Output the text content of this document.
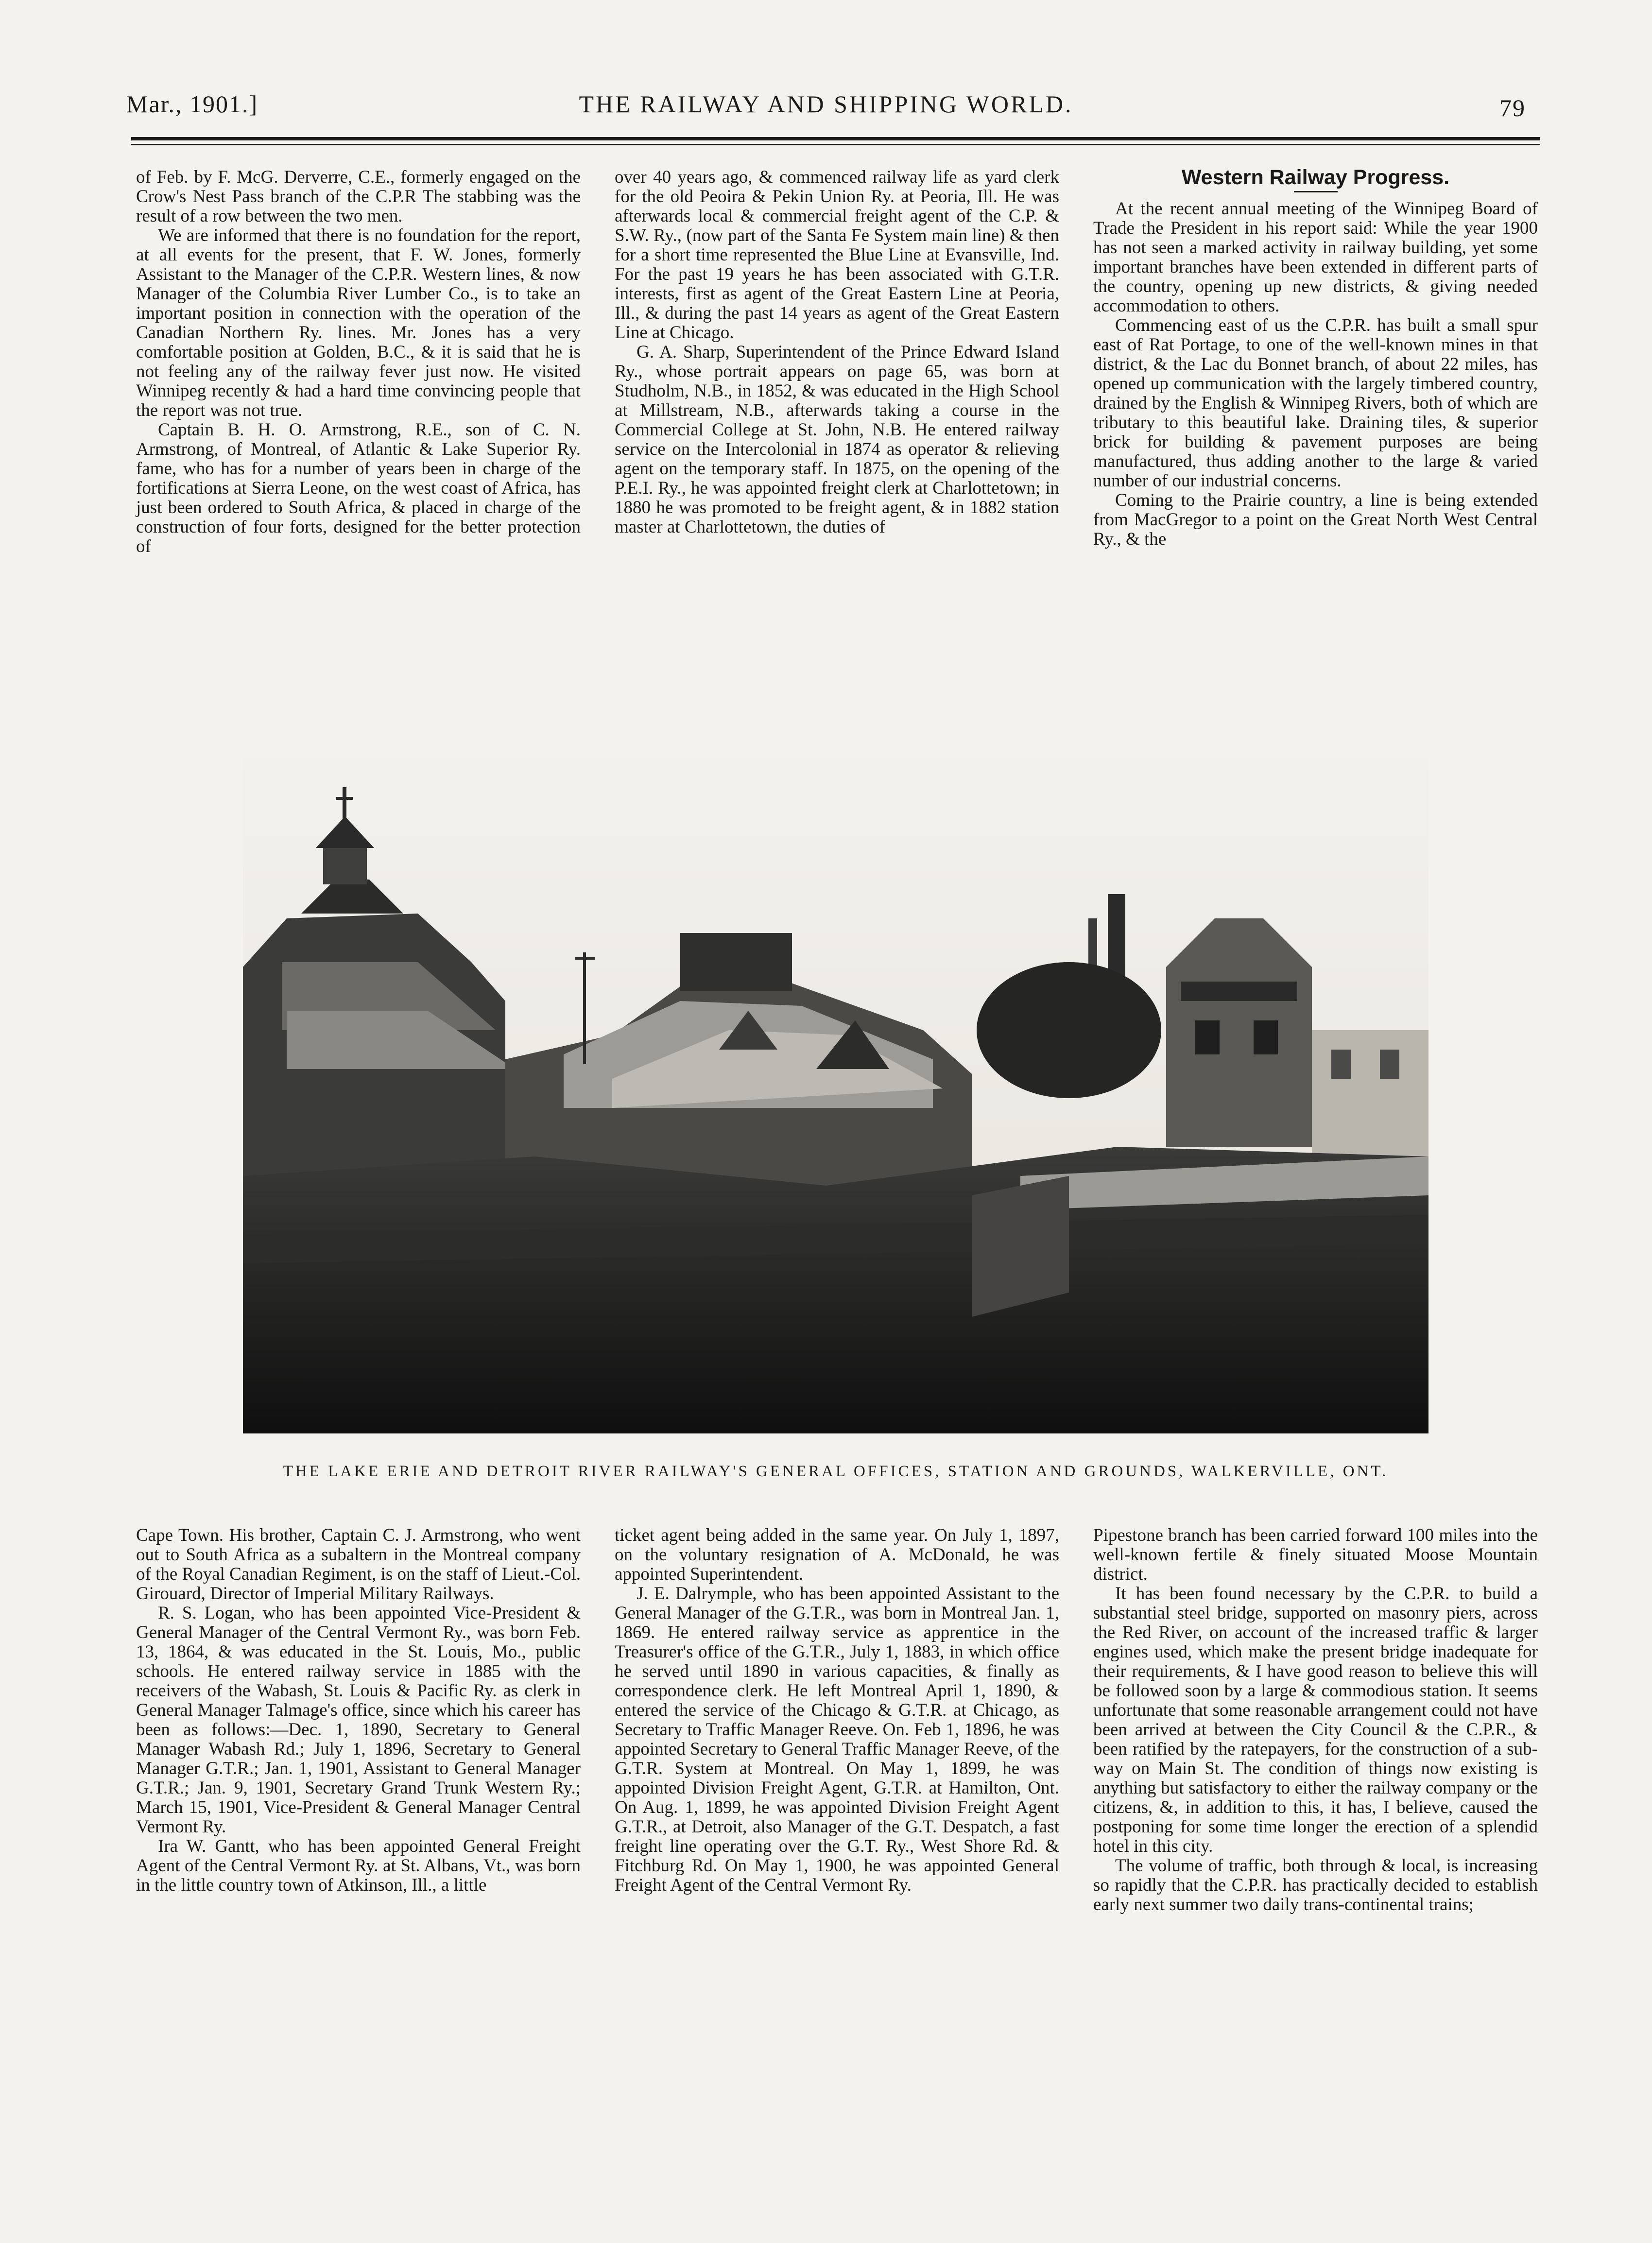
Mar., 1901.]	THE RAILWAY AND SHIPPING WORLD.	79

of Feb. by F. McG. Derverre, C.E., formerly engaged on the Crow's Nest Pass branch of the C.P.R The stabbing was the result of a row between the two men.

We are informed that there is no foundation for the report, at all events for the present, that F. W. Jones, formerly Assistant to the Manager of the C.P.R. Western lines, & now Manager of the Columbia River Lumber Co., is to take an important position in connection with the operation of the Canadian Northern Ry. lines. Mr. Jones has a very comfortable position at Golden, B.C., & it is said that he is not feeling any of the railway fever just now. He visited Winnipeg recently & had a hard time convincing people that the report was not true.

Captain B. H. O. Armstrong, R.E., son of C. N. Armstrong, of Montreal, of Atlantic & Lake Superior Ry. fame, who has for a number of years been in charge of the fortifications at Sierra Leone, on the west coast of Africa, has just been ordered to South Africa, & placed in charge of the construction of four forts, designed for the better protection of

over 40 years ago, & commenced railway life as yard clerk for the old Peoira & Pekin Union Ry. at Peoria, Ill. He was afterwards local & commercial freight agent of the C.P. & S.W. Ry., (now part of the Santa Fe System main line) & then for a short time represented the Blue Line at Evansville, Ind. For the past 19 years he has been associated with G.T.R. interests, first as agent of the Great Eastern Line at Peoria, Ill., & during the past 14 years as agent of the Great Eastern Line at Chicago.

G. A. Sharp, Superintendent of the Prince Edward Island Ry., whose portrait appears on page 65, was born at Studholm, N.B., in 1852, & was educated in the High School at Millstream, N.B., afterwards taking a course in the Commercial College at St. John, N.B. He entered railway service on the Intercolonial in 1874 as operator & relieving agent on the temporary staff. In 1875, on the opening of the P.E.I. Ry., he was appointed freight clerk at Charlottetown; in 1880 he was promoted to be freight agent, & in 1882 station master at Charlottetown, the duties of

Western Railway Progress.

At the recent annual meeting of the Winnipeg Board of Trade the President in his report said: While the year 1900 has not seen a marked activity in railway building, yet some important branches have been extended in different parts of the country, opening up new districts, & giving needed accommodation to others.

Commencing east of us the C.P.R. has built a small spur east of Rat Portage, to one of the well-known mines in that district, & the Lac du Bonnet branch, of about 22 miles, has opened up communication with the largely timbered country, drained by the English & Winnipeg Rivers, both of which are tributary to this beautiful lake. Draining tiles, & superior brick for building & pavement purposes are being manufactured, thus adding another to the large & varied number of our industrial concerns.

Coming to the Prairie country, a line is being extended from MacGregor to a point on the Great North West Central Ry., & the

THE LAKE ERIE AND DETROIT RIVER RAILWAY'S GENERAL OFFICES, STATION AND GROUNDS, WALKERVILLE, ONT.

Cape Town. His brother, Captain C. J. Armstrong, who went out to South Africa as a subaltern in the Montreal company of the Royal Canadian Regiment, is on the staff of Lieut.-Col. Girouard, Director of Imperial Military Railways.

R. S. Logan, who has been appointed Vice-President & General Manager of the Central Vermont Ry., was born Feb. 13, 1864, & was educated in the St. Louis, Mo., public schools. He entered railway service in 1885 with the receivers of the Wabash, St. Louis & Pacific Ry. as clerk in General Manager Talmage's office, since which his career has been as follows:—Dec. 1, 1890, Secretary to General Manager Wabash Rd.; July 1, 1896, Secretary to General Manager G.T.R.; Jan. 1, 1901, Assistant to General Manager G.T.R.; Jan. 9, 1901, Secretary Grand Trunk Western Ry.; March 15, 1901, Vice-President & General Manager Central Vermont Ry.

Ira W. Gantt, who has been appointed General Freight Agent of the Central Vermont Ry. at St. Albans, Vt., was born in the little country town of Atkinson, Ill., a little

ticket agent being added in the same year. On July 1, 1897, on the voluntary resignation of A. McDonald, he was appointed Superintendent.

J. E. Dalrymple, who has been appointed Assistant to the General Manager of the G.T.R., was born in Montreal Jan. 1, 1869. He entered railway service as apprentice in the Treasurer's office of the G.T.R., July 1, 1883, in which office he served until 1890 in various capacities, & finally as correspondence clerk. He left Montreal April 1, 1890, & entered the service of the Chicago & G.T.R. at Chicago, as Secretary to Traffic Manager Reeve. On. Feb 1, 1896, he was appointed Secretary to General Traffic Manager Reeve, of the G.T.R. System at Montreal. On May 1, 1899, he was appointed Division Freight Agent, G.T.R. at Hamilton, Ont. On Aug. 1, 1899, he was appointed Division Freight Agent G.T.R., at Detroit, also Manager of the G.T. Despatch, a fast freight line operating over the G.T. Ry., West Shore Rd. & Fitchburg Rd. On May 1, 1900, he was appointed General Freight Agent of the Central Vermont Ry.

Pipestone branch has been carried forward 100 miles into the well-known fertile & finely situated Moose Mountain district.

It has been found necessary by the C.P.R. to build a substantial steel bridge, supported on masonry piers, across the Red River, on account of the increased traffic & larger engines used, which make the present bridge inadequate for their requirements, & I have good reason to believe this will be followed soon by a large & commodious station. It seems unfortunate that some reasonable arrangement could not have been arrived at between the City Council & the C.P.R., & been ratified by the ratepayers, for the construction of a sub-way on Main St. The condition of things now existing is anything but satisfactory to either the railway company or the citizens, &, in addition to this, it has, I believe, caused the postponing for some time longer the erection of a splendid hotel in this city.

The volume of traffic, both through & local, is increasing so rapidly that the C.P.R. has practically decided to establish early next summer two daily trans-continental trains;
